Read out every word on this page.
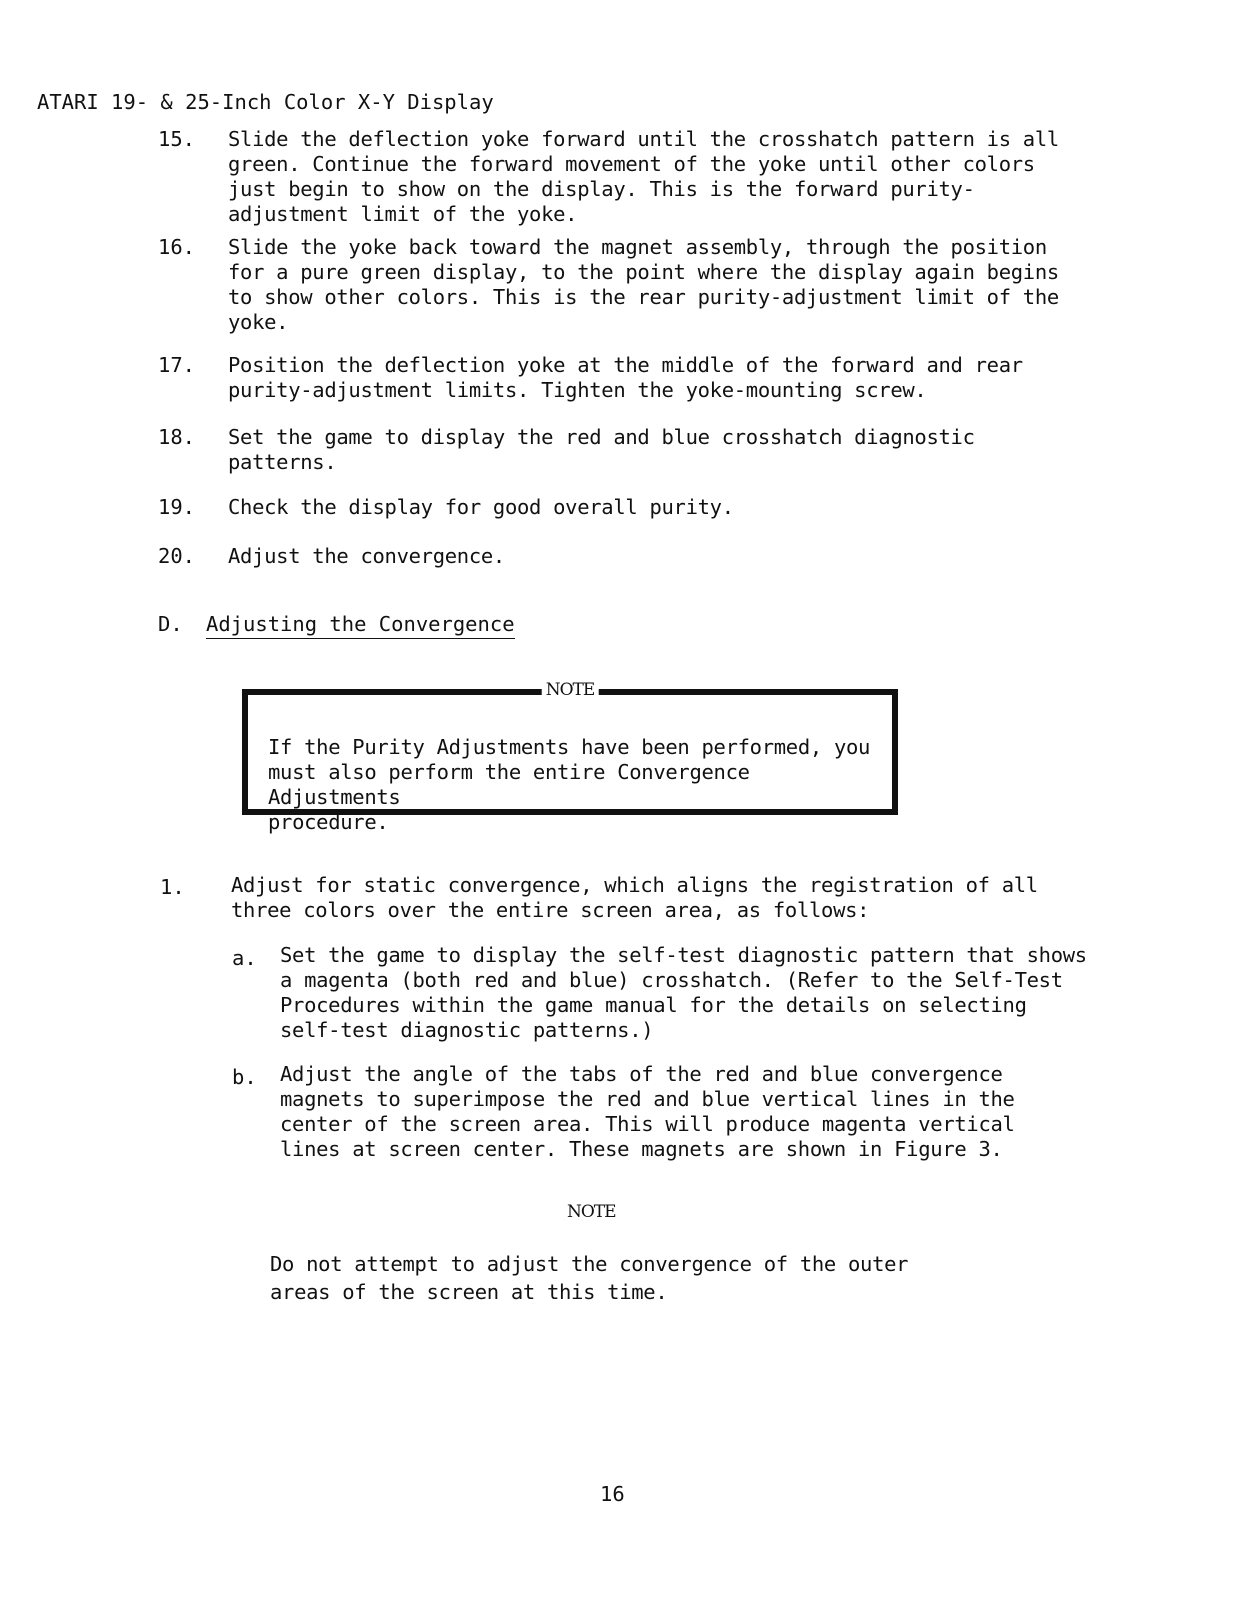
ATARI 19- & 25-Inch Color X-Y Display
15. Slide the deflection yoke forward until the crosshatch pattern is all
green. Continue the forward movement of the yoke until other colors
just begin to show on the display. This is the forward purity-
adjustment limit of the yoke.
16. Slide the yoke back toward the magnet assembly, through the position
for a pure green display, to the point where the display again begins
to show other colors. This is the rear purity-adjustment limit of the
yoke.
17. Position the deflection yoke at the middle of the forward and rear
purity-adjustment limits. Tighten the yoke-mounting screw.
18. Set the game to display the red and blue crosshatch diagnostic
patterns.
19. Check the display for good overall purity.
20. Adjust the convergence.
D. Adjusting the Convergence
NOTE
If the Purity Adjustments have been performed, you
must also perform the entire Convergence Adjustments
procedure.
1. Adjust for static convergence, which aligns the registration of all
three colors over the entire screen area, as follows:
a. Set the game to display the self-test diagnostic pattern that shows
a magenta (both red and blue) crosshatch. (Refer to the Self-Test
Procedures within the game manual for the details on selecting
self-test diagnostic patterns.)
b. Adjust the angle of the tabs of the red and blue convergence
magnets to superimpose the red and blue vertical lines in the
center of the screen area. This will produce magenta vertical
lines at screen center. These magnets are shown in Figure 3.
NOTE
Do not attempt to adjust the convergence of the outer
areas of the screen at this time.
16
